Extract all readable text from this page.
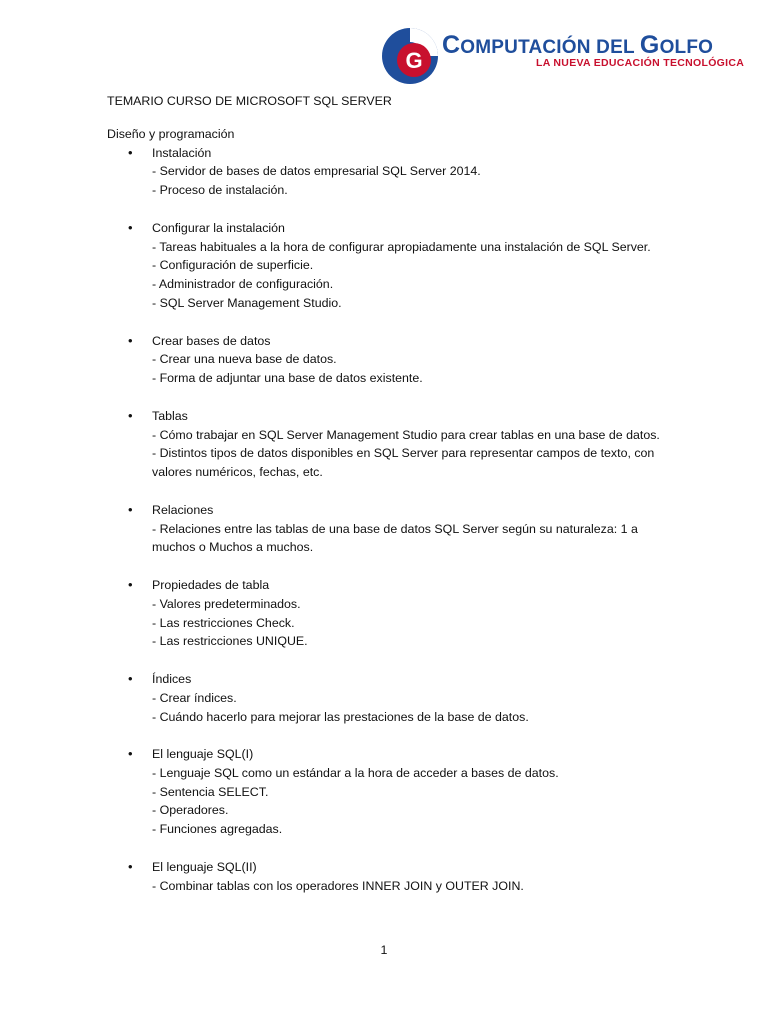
G
COMPUTACIÓN DEL GOLFO
LA NUEVA EDUCACIÓN TECNOLÓGICA
TEMARIO CURSO DE MICROSOFT SQL SERVER
Diseño y programación
• Instalación
- Servidor de bases de datos empresarial SQL Server 2014.
- Proceso de instalación.
• Configurar la instalación
- Tareas habituales a la hora de configurar apropiadamente una instalación de SQL Server.
- Configuración de superficie.
- Administrador de configuración.
- SQL Server Management Studio.
• Crear bases de datos
- Crear una nueva base de datos.
- Forma de adjuntar una base de datos existente.
• Tablas
- Cómo trabajar en SQL Server Management Studio para crear tablas en una base de datos.
- Distintos tipos de datos disponibles en SQL Server para representar campos de texto, con valores numéricos, fechas, etc.
• Relaciones
- Relaciones entre las tablas de una base de datos SQL Server según su naturaleza: 1 a muchos o Muchos a muchos.
• Propiedades de tabla
- Valores predeterminados.
- Las restricciones Check.
- Las restricciones UNIQUE.
• Índices
- Crear índices.
- Cuándo hacerlo para mejorar las prestaciones de la base de datos.
• El lenguaje SQL(I)
- Lenguaje SQL como un estándar a la hora de acceder a bases de datos.
- Sentencia SELECT.
- Operadores.
- Funciones agregadas.
• El lenguaje SQL(II)
- Combinar tablas con los operadores INNER JOIN y OUTER JOIN.
1
